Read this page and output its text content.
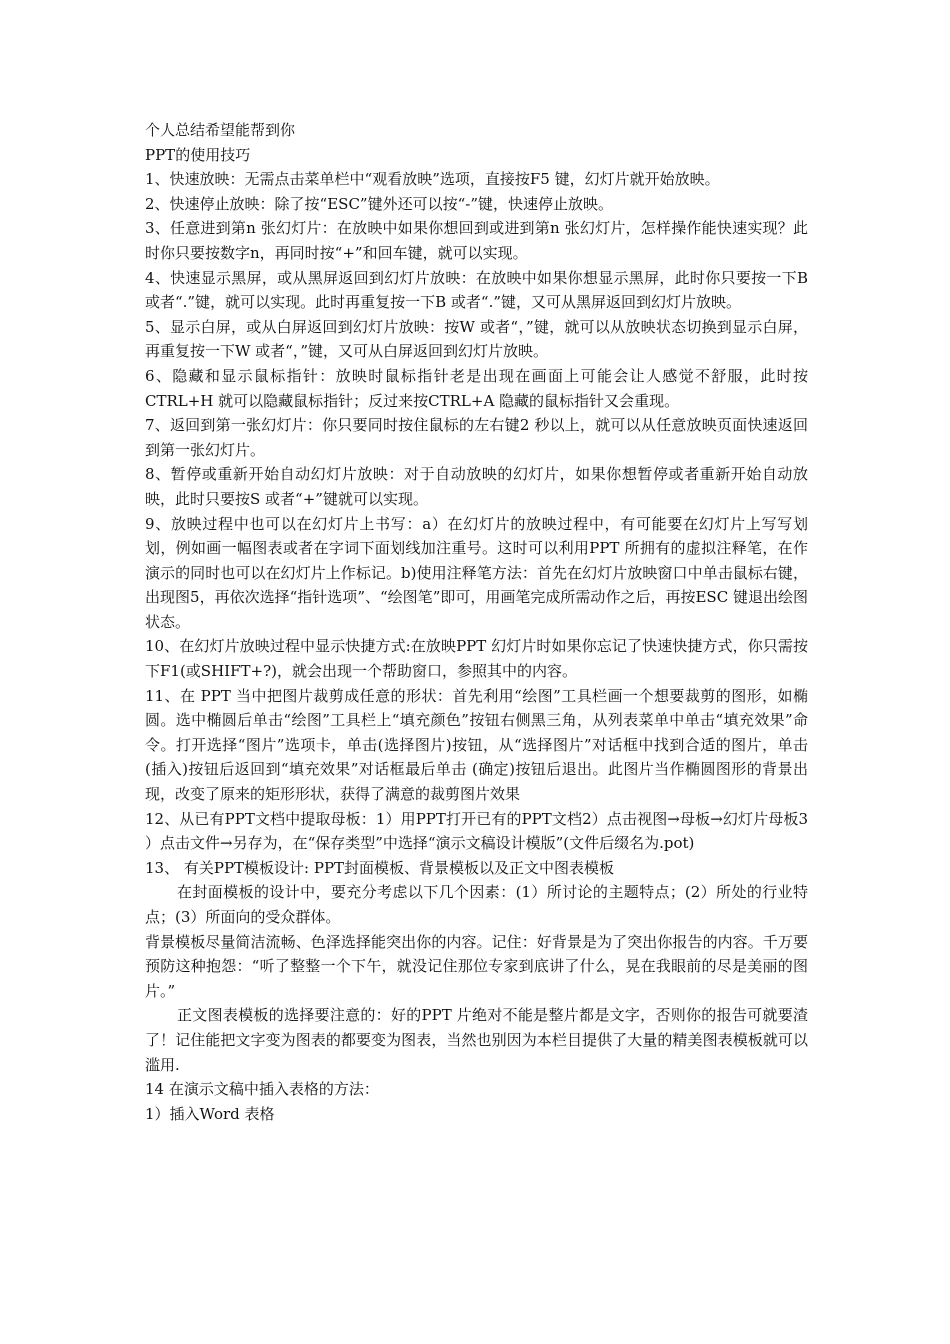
个人总结希望能帮到你

PPT的使用技巧

1、快速放映：无需点击菜单栏中“观看放映”选项，直接按F5 键，幻灯片就开始放映。

2、快速停止放映：除了按“ESC”键外还可以按“-”键，快速停止放映。

3、任意进到第n 张幻灯片：在放映中如果你想回到或进到第n 张幻灯片，怎样操作能快速实现？此时你只要按数字n，再同时按“+”和回车键，就可以实现。

4、快速显示黑屏，或从黑屏返回到幻灯片放映：在放映中如果你想显示黑屏，此时你只要按一下B 或者“.”键，就可以实现。此时再重复按一下B 或者“.”键，又可从黑屏返回到幻灯片放映。

5、显示白屏，或从白屏返回到幻灯片放映：按W 或者“，”键，就可以从放映状态切换到显示白屏，再重复按一下W 或者“，”键，又可从白屏返回到幻灯片放映。

6、隐藏和显示鼠标指针：放映时鼠标指针老是出现在画面上可能会让人感觉不舒服，此时按CTRL+H 就可以隐藏鼠标指针；反过来按CTRL+A 隐藏的鼠标指针又会重现。

7、返回到第一张幻灯片：你只要同时按住鼠标的左右键2 秒以上，就可以从任意放映页面快速返回到第一张幻灯片。

8、暂停或重新开始自动幻灯片放映：对于自动放映的幻灯片，如果你想暂停或者重新开始自动放映，此时只要按S 或者“+”键就可以实现。

9、放映过程中也可以在幻灯片上书写：a）在幻灯片的放映过程中，有可能要在幻灯片上写写划划，例如画一幅图表或者在字词下面划线加注重号。这时可以利用PPT 所拥有的虚拟注释笔，在作演示的同时也可以在幻灯片上作标记。b)使用注释笔方法：首先在幻灯片放映窗口中单击鼠标右键，出现图5，再依次选择“指针选项”、“绘图笔”即可，用画笔完成所需动作之后，再按ESC 键退出绘图状态。

10、在幻灯片放映过程中显示快捷方式:在放映PPT 幻灯片时如果你忘记了快速快捷方式，你只需按下F1(或SHIFT+?)，就会出现一个帮助窗口，参照其中的内容。

11、在 PPT 当中把图片裁剪成任意的形状：首先利用“绘图”工具栏画一个想要裁剪的图形，如椭圆。选中椭圆后单击“绘图”工具栏上“填充颜色”按钮右侧黑三角，从列表菜单中单击“填充效果”命令。打开选择“图片”选项卡，单击(选择图片)按钮，从“选择图片”对话框中找到合适的图片，单击 (插入)按钮后返回到“填充效果”对话框最后单击 (确定)按钮后退出。此图片当作椭圆图形的背景出现，改变了原来的矩形形状，获得了满意的裁剪图片效果

12、从已有PPT文档中提取母板：1）用PPT打开已有的PPT文档2）点击视图→母板→幻灯片母板3 ）点击文件→另存为，在“保存类型”中选择“演示文稿设计模版”(文件后缀名为.pot)

13、 有关PPT模板设计: PPT封面模板、背景模板以及正文中图表模板

在封面模板的设计中，要充分考虑以下几个因素：(1）所讨论的主题特点；(2）所处的行业特点；(3）所面向的受众群体。

背景模板尽量简洁流畅、色泽选择能突出你的内容。记住：好背景是为了突出你报告的内容。千万要预防这种抱怨：“听了整整一个下午，就没记住那位专家到底讲了什么，晃在我眼前的尽是美丽的图片。”

正文图表模板的选择要注意的：好的PPT 片绝对不能是整片都是文字，否则你的报告可就要渣了！记住能把文字变为图表的都要变为图表，当然也别因为本栏目提供了大量的精美图表模板就可以滥用.

14 在演示文稿中插入表格的方法：

1）插入Word 表格
